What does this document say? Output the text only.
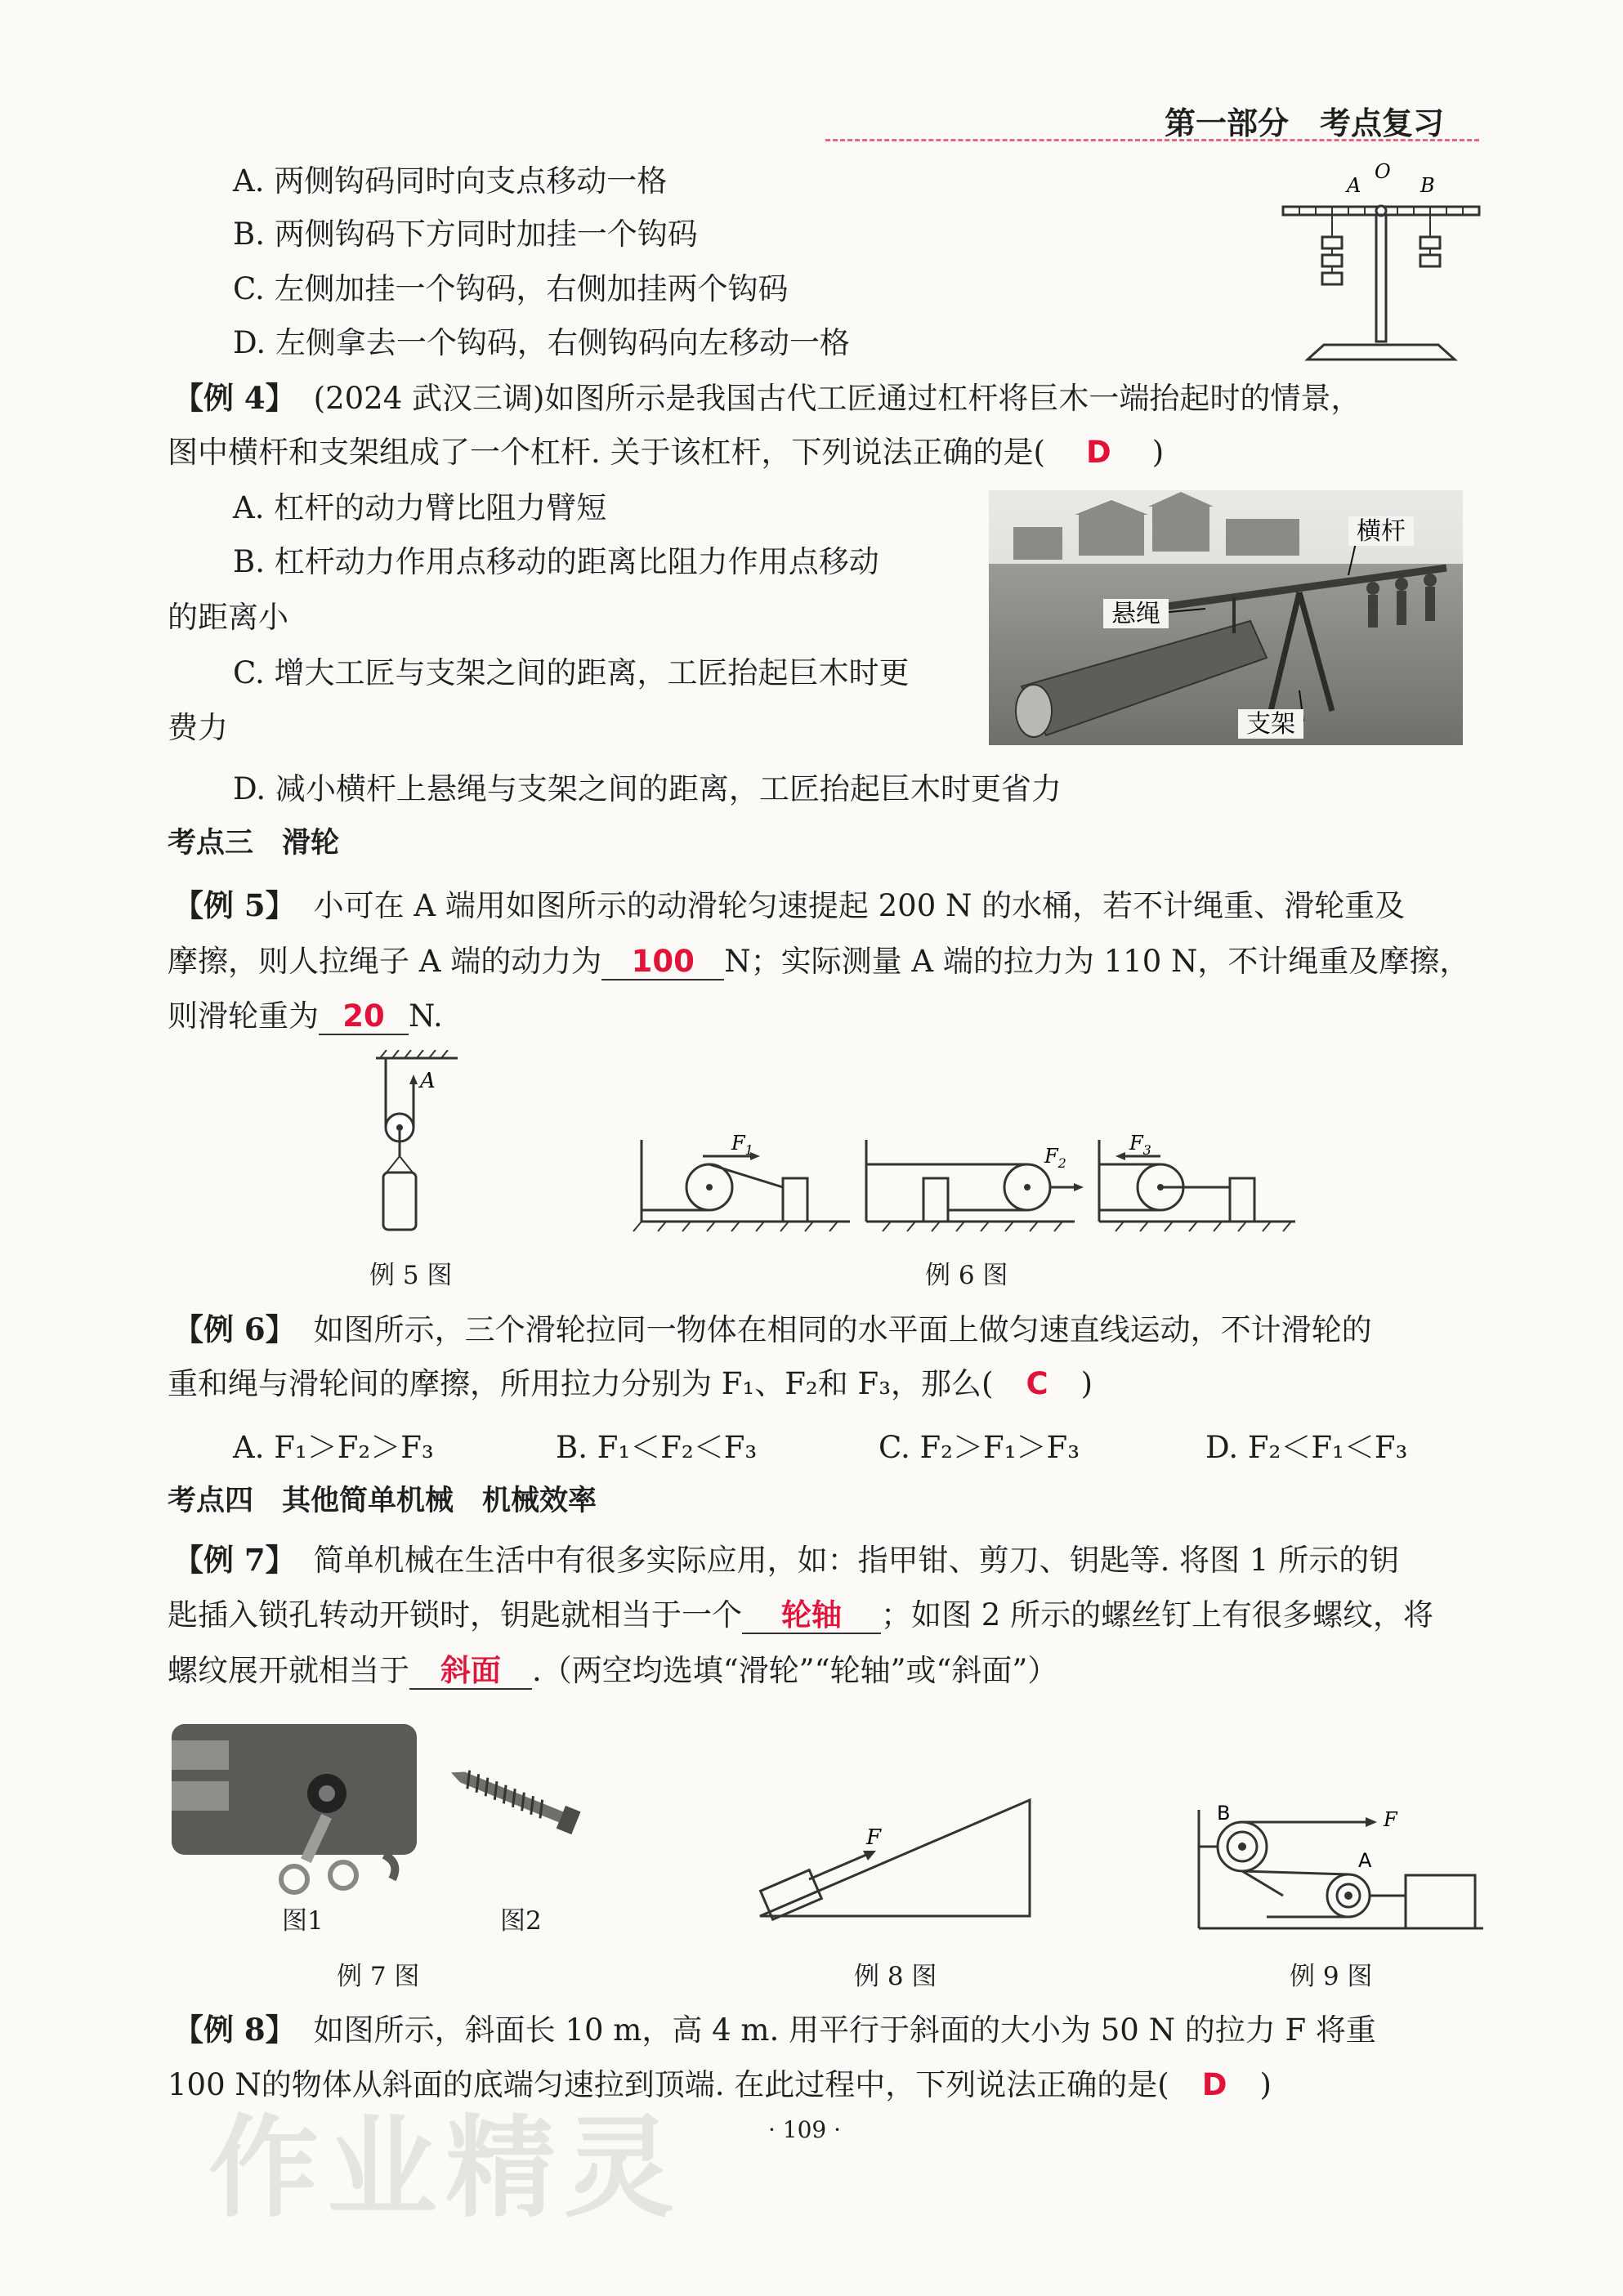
第一部分　考点复习
A. 两侧钩码同时向支点移动一格
B. 两侧钩码下方同时加挂一个钩码
C. 左侧加挂一个钩码，右侧加挂两个钩码
D. 左侧拿去一个钩码，右侧钩码向左移动一格
A
O
B
【例 4】 (2024 武汉三调)如图所示是我国古代工匠通过杠杆将巨木一端抬起时的情景，
图中横杆和支架组成了一个杠杆. 关于该杠杆，下列说法正确的是( D )
A. 杠杆的动力臂比阻力臂短
B. 杠杆动力作用点移动的距离比阻力作用点移动
的距离小
C. 增大工匠与支架之间的距离，工匠抬起巨木时更
费力
D. 减小横杆上悬绳与支架之间的距离，工匠抬起巨木时更省力
横杆
悬绳
支架
考点三　滑轮
【例 5】 小可在 A 端用如图所示的动滑轮匀速提起 200 N 的水桶，若不计绳重、滑轮重及
摩擦，则人拉绳子 A 端的动力为 100 N；实际测量 A 端的拉力为 110 N，不计绳重及摩擦，
则滑轮重为 20 N.
A
例 5 图
$F_1$	$F_2$
$F_3$
例 6 图
【例 6】 如图所示，三个滑轮拉同一物体在相同的水平面上做匀速直线运动，不计滑轮的
重和绳与滑轮间的摩擦，所用拉力分别为 F₁、F₂和 F₃，那么( C )
A. F₁＞F₂＞F₃	B. F₁＜F₂＜F₃	C. F₂＞F₁＞F₃	D. F₂＜F₁＜F₃
考点四　其他简单机械　机械效率
【例 7】 简单机械在生活中有很多实际应用，如：指甲钳、剪刀、钥匙等. 将图 1 所示的钥
匙插入锁孔转动开锁时，钥匙就相当于一个 轮轴 ；如图 2 所示的螺丝钉上有很多螺纹，将
螺纹展开就相当于 斜面 .（两空均选填“滑轮”“轮轴”或“斜面”）
图1	图2
例 7 图
F
例 8 图
B	F
A
例 9 图
【例 8】 如图所示，斜面长 10 m，高 4 m. 用平行于斜面的大小为 50 N 的拉力 F 将重
100 N的物体从斜面的底端匀速拉到顶端. 在此过程中，下列说法正确的是( D )
· 109 ·
作业精灵
